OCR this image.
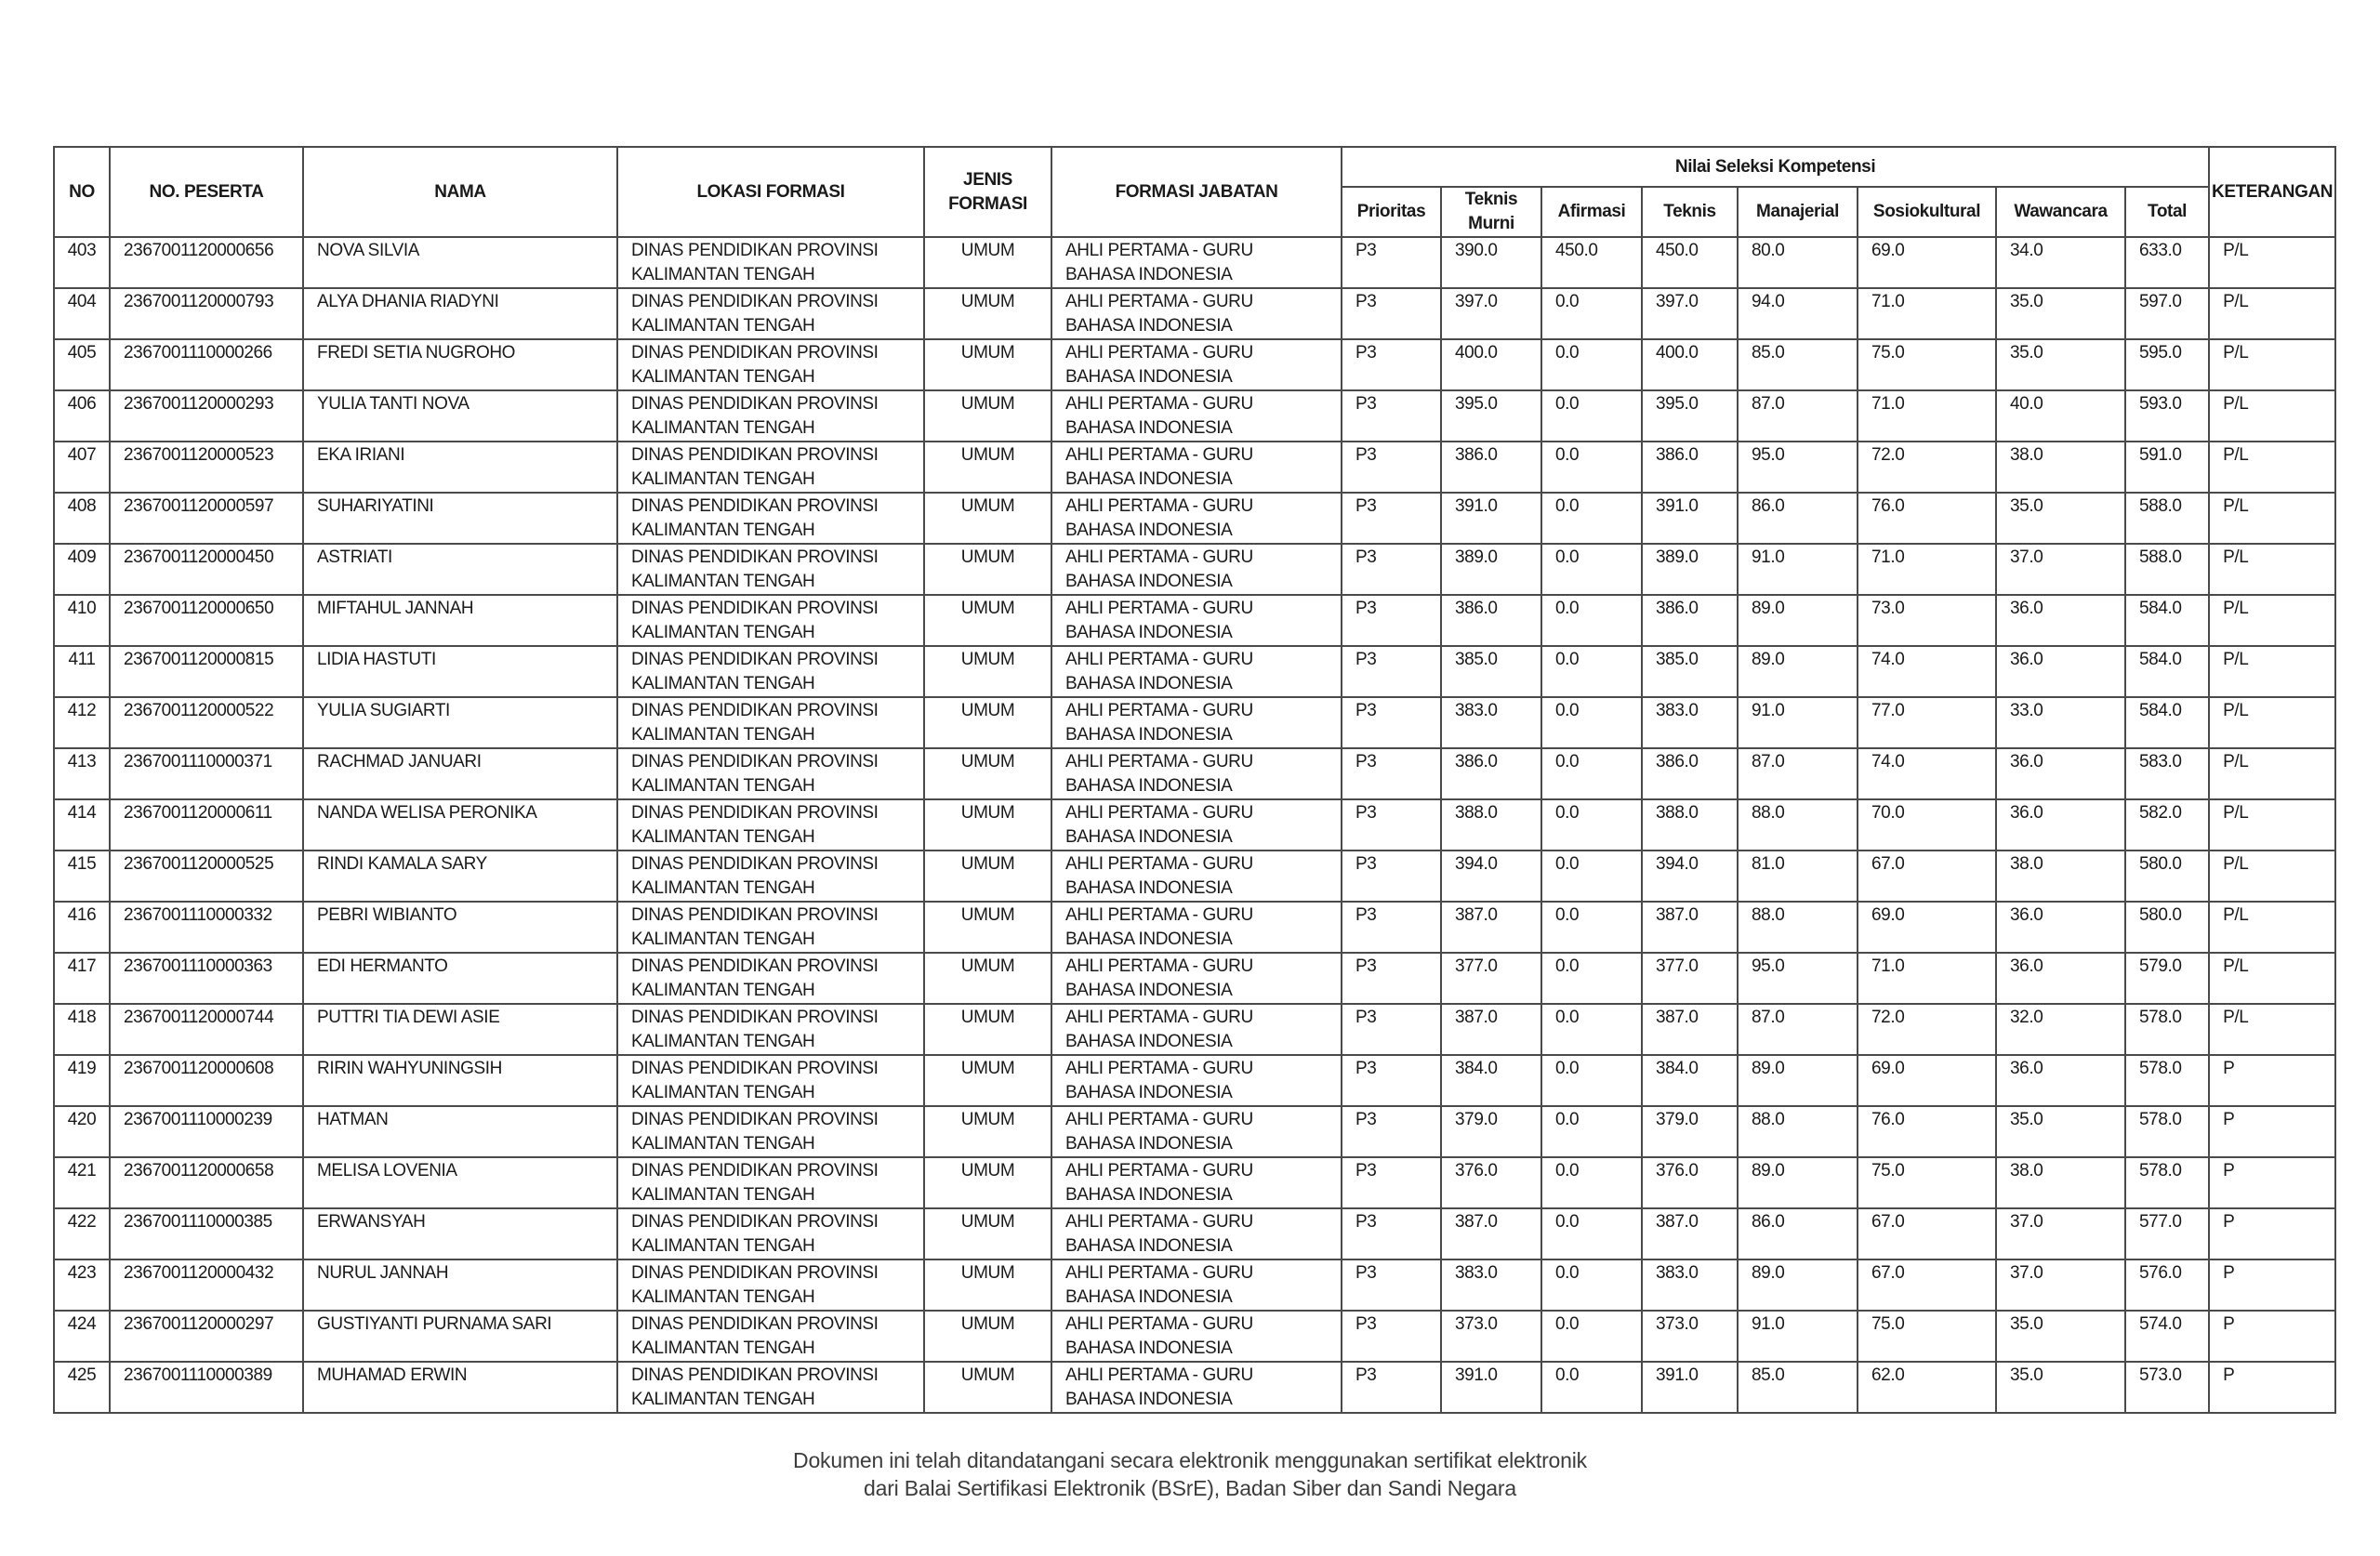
NO	NO. PESERTA	NAMA	LOKASI FORMASI	JENIS
FORMASI	FORMASI JABATAN	Nilai Seleksi Kompetensi								KETERANGAN
						Prioritas	Teknis
Murni	Afirmasi	Teknis	Manajerial	Sosiokultural	Wawancara	Total	
403	2367001120000656	NOVA SILVIA	DINAS PENDIDIKAN PROVINSI
KALIMANTAN TENGAH	UMUM	AHLI PERTAMA - GURU
BAHASA INDONESIA	P3	390.0	450.0	450.0	80.0	69.0	34.0	633.0	P/L
404	2367001120000793	ALYA DHANIA RIADYNI	DINAS PENDIDIKAN PROVINSI
KALIMANTAN TENGAH	UMUM	AHLI PERTAMA - GURU
BAHASA INDONESIA	P3	397.0	0.0	397.0	94.0	71.0	35.0	597.0	P/L
405	2367001110000266	FREDI SETIA NUGROHO	DINAS PENDIDIKAN PROVINSI
KALIMANTAN TENGAH	UMUM	AHLI PERTAMA - GURU
BAHASA INDONESIA	P3	400.0	0.0	400.0	85.0	75.0	35.0	595.0	P/L
406	2367001120000293	YULIA TANTI NOVA	DINAS PENDIDIKAN PROVINSI
KALIMANTAN TENGAH	UMUM	AHLI PERTAMA - GURU
BAHASA INDONESIA	P3	395.0	0.0	395.0	87.0	71.0	40.0	593.0	P/L
407	2367001120000523	EKA IRIANI	DINAS PENDIDIKAN PROVINSI
KALIMANTAN TENGAH	UMUM	AHLI PERTAMA - GURU
BAHASA INDONESIA	P3	386.0	0.0	386.0	95.0	72.0	38.0	591.0	P/L
408	2367001120000597	SUHARIYATINI	DINAS PENDIDIKAN PROVINSI
KALIMANTAN TENGAH	UMUM	AHLI PERTAMA - GURU
BAHASA INDONESIA	P3	391.0	0.0	391.0	86.0	76.0	35.0	588.0	P/L
409	2367001120000450	ASTRIATI	DINAS PENDIDIKAN PROVINSI
KALIMANTAN TENGAH	UMUM	AHLI PERTAMA - GURU
BAHASA INDONESIA	P3	389.0	0.0	389.0	91.0	71.0	37.0	588.0	P/L
410	2367001120000650	MIFTAHUL JANNAH	DINAS PENDIDIKAN PROVINSI
KALIMANTAN TENGAH	UMUM	AHLI PERTAMA - GURU
BAHASA INDONESIA	P3	386.0	0.0	386.0	89.0	73.0	36.0	584.0	P/L
411	2367001120000815	LIDIA HASTUTI	DINAS PENDIDIKAN PROVINSI
KALIMANTAN TENGAH	UMUM	AHLI PERTAMA - GURU
BAHASA INDONESIA	P3	385.0	0.0	385.0	89.0	74.0	36.0	584.0	P/L
412	2367001120000522	YULIA SUGIARTI	DINAS PENDIDIKAN PROVINSI
KALIMANTAN TENGAH	UMUM	AHLI PERTAMA - GURU
BAHASA INDONESIA	P3	383.0	0.0	383.0	91.0	77.0	33.0	584.0	P/L
413	2367001110000371	RACHMAD JANUARI	DINAS PENDIDIKAN PROVINSI
KALIMANTAN TENGAH	UMUM	AHLI PERTAMA - GURU
BAHASA INDONESIA	P3	386.0	0.0	386.0	87.0	74.0	36.0	583.0	P/L
414	2367001120000611	NANDA WELISA PERONIKA	DINAS PENDIDIKAN PROVINSI
KALIMANTAN TENGAH	UMUM	AHLI PERTAMA - GURU
BAHASA INDONESIA	P3	388.0	0.0	388.0	88.0	70.0	36.0	582.0	P/L
415	2367001120000525	RINDI KAMALA SARY	DINAS PENDIDIKAN PROVINSI
KALIMANTAN TENGAH	UMUM	AHLI PERTAMA - GURU
BAHASA INDONESIA	P3	394.0	0.0	394.0	81.0	67.0	38.0	580.0	P/L
416	2367001110000332	PEBRI WIBIANTO	DINAS PENDIDIKAN PROVINSI
KALIMANTAN TENGAH	UMUM	AHLI PERTAMA - GURU
BAHASA INDONESIA	P3	387.0	0.0	387.0	88.0	69.0	36.0	580.0	P/L
417	2367001110000363	EDI HERMANTO	DINAS PENDIDIKAN PROVINSI
KALIMANTAN TENGAH	UMUM	AHLI PERTAMA - GURU
BAHASA INDONESIA	P3	377.0	0.0	377.0	95.0	71.0	36.0	579.0	P/L
418	2367001120000744	PUTTRI TIA DEWI ASIE	DINAS PENDIDIKAN PROVINSI
KALIMANTAN TENGAH	UMUM	AHLI PERTAMA - GURU
BAHASA INDONESIA	P3	387.0	0.0	387.0	87.0	72.0	32.0	578.0	P/L
419	2367001120000608	RIRIN WAHYUNINGSIH	DINAS PENDIDIKAN PROVINSI
KALIMANTAN TENGAH	UMUM	AHLI PERTAMA - GURU
BAHASA INDONESIA	P3	384.0	0.0	384.0	89.0	69.0	36.0	578.0	P
420	2367001110000239	HATMAN	DINAS PENDIDIKAN PROVINSI
KALIMANTAN TENGAH	UMUM	AHLI PERTAMA - GURU
BAHASA INDONESIA	P3	379.0	0.0	379.0	88.0	76.0	35.0	578.0	P
421	2367001120000658	MELISA LOVENIA	DINAS PENDIDIKAN PROVINSI
KALIMANTAN TENGAH	UMUM	AHLI PERTAMA - GURU
BAHASA INDONESIA	P3	376.0	0.0	376.0	89.0	75.0	38.0	578.0	P
422	2367001110000385	ERWANSYAH	DINAS PENDIDIKAN PROVINSI
KALIMANTAN TENGAH	UMUM	AHLI PERTAMA - GURU
BAHASA INDONESIA	P3	387.0	0.0	387.0	86.0	67.0	37.0	577.0	P
423	2367001120000432	NURUL JANNAH	DINAS PENDIDIKAN PROVINSI
KALIMANTAN TENGAH	UMUM	AHLI PERTAMA - GURU
BAHASA INDONESIA	P3	383.0	0.0	383.0	89.0	67.0	37.0	576.0	P
424	2367001120000297	GUSTIYANTI PURNAMA SARI	DINAS PENDIDIKAN PROVINSI
KALIMANTAN TENGAH	UMUM	AHLI PERTAMA - GURU
BAHASA INDONESIA	P3	373.0	0.0	373.0	91.0	75.0	35.0	574.0	P
425	2367001110000389	MUHAMAD ERWIN	DINAS PENDIDIKAN PROVINSI
KALIMANTAN TENGAH	UMUM	AHLI PERTAMA - GURU
BAHASA INDONESIA	P3	391.0	0.0	391.0	85.0	62.0	35.0	573.0	P
Dokumen ini telah ditandatangani secara elektronik menggunakan sertifikat elektronik
dari Balai Sertifikasi Elektronik (BSrE), Badan Siber dan Sandi Negara
